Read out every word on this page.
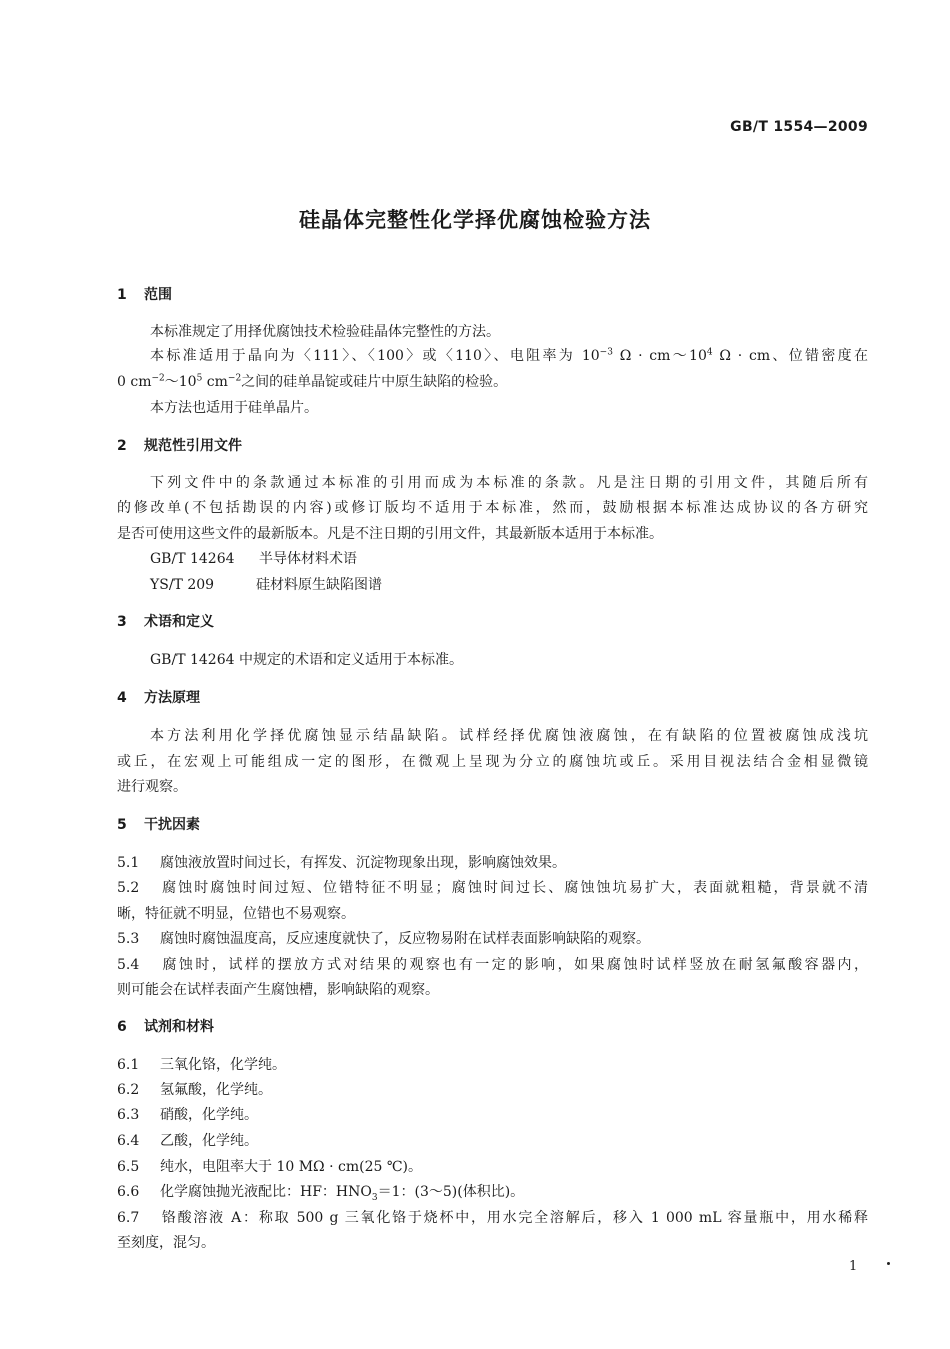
GB/T 1554—2009
硅晶体完整性化学择优腐蚀检验方法
1 范围
本标准规定了用择优腐蚀技术检验硅晶体完整性的方法。
本标准适用于晶向为〈111〉、〈100〉或〈110〉、电阻率为 $10^{-3}$ $\Omega \cdot cm\sim 10^4$ Ω · cm、位错密度在
0 $cm^{-2}\sim 10^5$ $cm^{-2}$之间的硅单晶锭或硅片中原生缺陷的检验。
本方法也适用于硅单晶片。
2 规范性引用文件
下列文件中的条款通过本标准的引用而成为本标准的条款。凡是注日期的引用文件，其随后所有
的修改单(不包括勘误的内容)或修订版均不适用于本标准，然而，鼓励根据本标准达成协议的各方研究
是否可使用这些文件的最新版本。凡是不注日期的引用文件，其最新版本适用于本标准。
GB/T 14264 半导体材料术语
YS/T 209	硅材料原生缺陷图谱
3 术语和定义
GB/T 14264 中规定的术语和定义适用于本标准。
4 方法原理
本方法利用化学择优腐蚀显示结晶缺陷。试样经择优腐蚀液腐蚀，在有缺陷的位置被腐蚀成浅坑
或丘，在宏观上可能组成一定的图形，在微观上呈现为分立的腐蚀坑或丘。采用目视法结合金相显微镜
进行观察。
5 干扰因素
5.1 腐蚀液放置时间过长，有挥发、沉淀物现象出现，影响腐蚀效果。
5.2 腐蚀时腐蚀时间过短、位错特征不明显；腐蚀时间过长、腐蚀蚀坑易扩大，表面就粗糙，背景就不清
晰，特征就不明显，位错也不易观察。
5.3 腐蚀时腐蚀温度高，反应速度就快了，反应物易附在试样表面影响缺陷的观察。
5.4 腐蚀时，试样的摆放方式对结果的观察也有一定的影响，如果腐蚀时试样竖放在耐氢氟酸容器内，
则可能会在试样表面产生腐蚀槽，影响缺陷的观察。
6 试剂和材料
6.1 三氧化铬，化学纯。
6.2 氢氟酸，化学纯。
6.3 硝酸，化学纯。
6.4 乙酸，化学纯。
6.5 纯水，电阻率大于 10 MΩ · cm(25 ℃)。
6.6 化学腐蚀抛光液配比：HF：$HNO_3=1$：(3～5)(体积比)。
6.7 铬酸溶液 A：称取 500 g 三氧化铬于烧杯中，用水完全溶解后，移入 1 000 mL 容量瓶中，用水稀释
至刻度，混匀。
1
